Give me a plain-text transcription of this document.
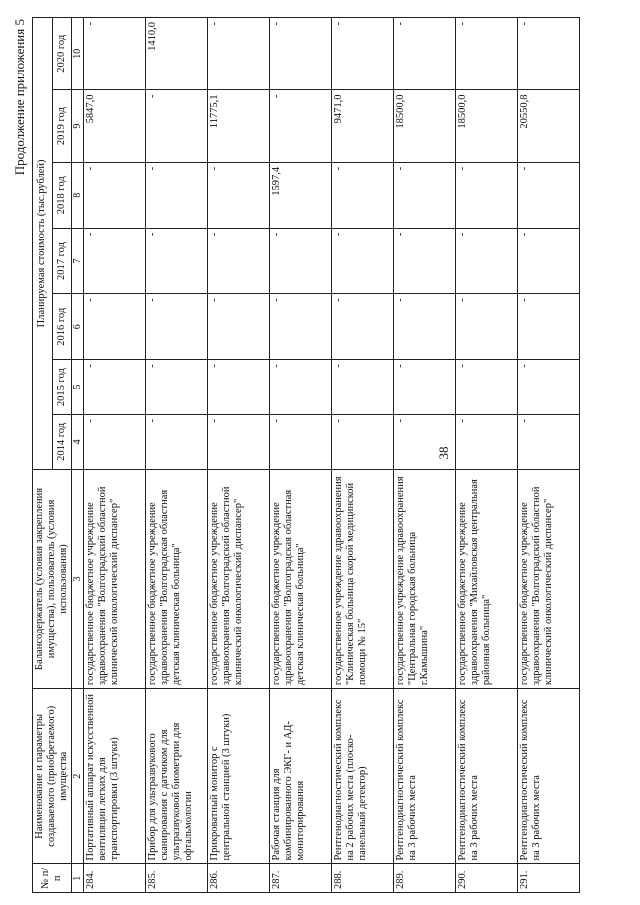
Продолжение приложения 5
№ п/п	Наименование и параметры создаваемого (приобретаемого) имущества	Балансодержатель (условия закрепления имущества), пользователь (условия использования)	Планируемая стоимость (тыс.рублей)						
			2014 год	2015 год	2016 год	2017 год	2018 год	2019 год	2020 год
1	2	3	4	5	6	7	8	9	10
284.	Портативный аппарат искусственной вентиляции легких для транспортировки (3 штуки)	государственное бюджетное учреждение здравоохранения "Волгоградский областной клинический онкологический диспансер"	-	-	-	-	-	5847,0	-
285.	Прибор для ультразвукового сканирования с датчиком для ультразвуковой биометрии для офтальмологии	государственное бюджетное учреждение здравоохранения "Волгоградская областная детская клиническая больница"	-	-	-	-	-	-	1410,0
286.	Прикроватный монитор с центральной станцией (3 штуки)	государственное бюджетное учреждение здравоохранения "Волгоградский областной клинический онкологический диспансер"	-	-	-	-	-	11775,1	-
287.	Рабочая станция для комбинированного ЭКГ- и АД-мониторирования	государственное бюджетное учреждение здравоохранения "Волгоградская областная детская клиническая больница"	-	-	-	-	1597,4	-	-
288.	Рентгенодиагностический комплекс на 2 рабочих места (плоско-панельный детектор)	государственное учреждение здравоохранения "Клиническая больница скорой медицинской помощи № 15"	-	-	-	-	-	9471,0	-
289.	Рентгенодиагностический комплекс на 3 рабочих места	государственное учреждение здравоохранения "Центральная городская больница г.Камышина"	-	-	-	-	-	18500,0	-
290.	Рентгенодиагностический комплекс на 3 рабочих места	государственное бюджетное учреждение здравоохранения "Михайловская центральная районная больница"	-	-	-	-	-	18500,0	-
291.	Рентгенодиагностический комплекс на 3 рабочих места	государственное бюджетное учреждение здравоохранения "Волгоградский областной клинический онкологический диспансер"	-	-	-	-	-	20550,8	-
38
